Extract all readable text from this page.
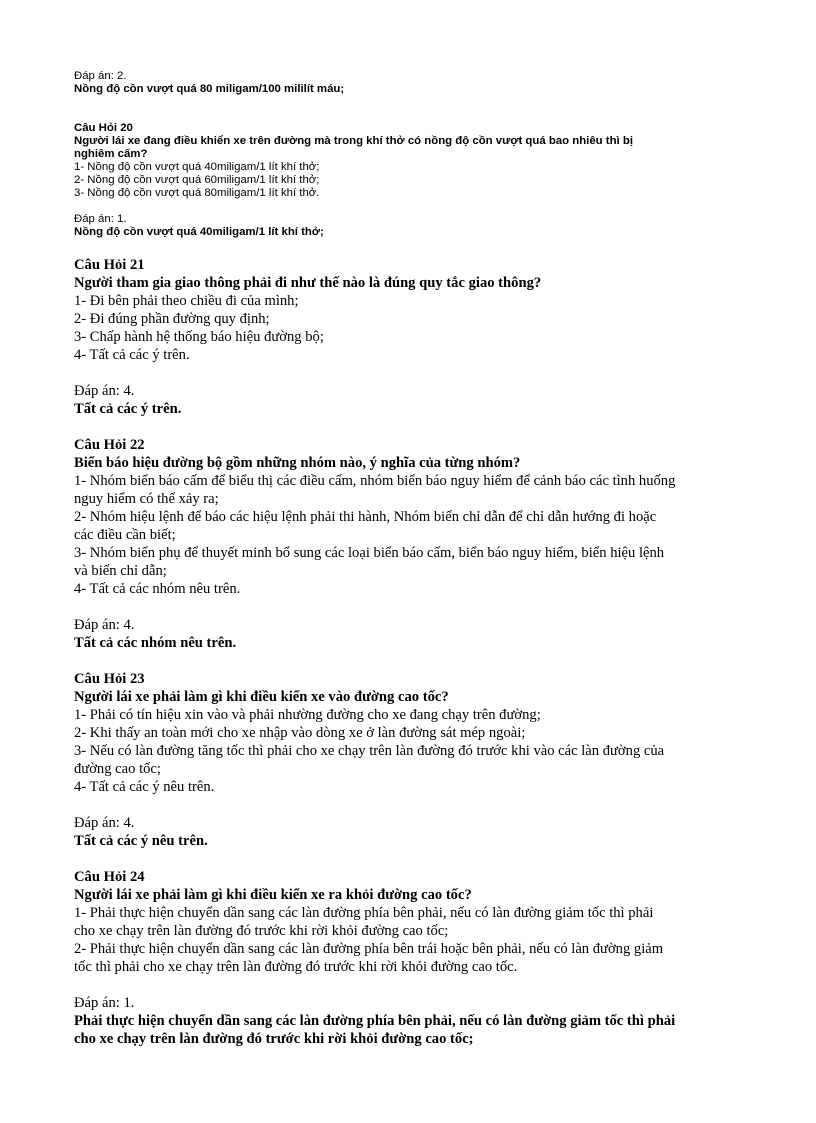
Đáp án: 2.
Nồng độ cồn vượt quá 80 miligam/100 mililít máu;
Câu Hỏi 20
Người lái xe đang điều khiển xe trên đường mà trong khí thở có nồng độ cồn vượt quá bao nhiêu thì bị
nghiêm cấm?
1- Nồng độ cồn vượt quá 40miligam/1 lít khí thở;
2- Nồng độ cồn vượt quá 60miligam/1 lít khí thở;
3- Nồng độ cồn vượt quá 80miligam/1 lít khí thở.
Đáp án: 1.
Nồng độ cồn vượt quá 40miligam/1 lít khí thở;
Câu Hỏi 21
Người tham gia giao thông phải đi như thế nào là đúng quy tắc giao thông?
1- Đi bên phải theo chiều đi của mình;
2- Đi đúng phần đường quy định;
3- Chấp hành hệ thống báo hiệu đường bộ;
4- Tất cả các ý trên.
Đáp án: 4.
Tất cả các ý trên.
Câu Hỏi 22
Biển báo hiệu đường bộ gồm những nhóm nào, ý nghĩa của từng nhóm?
1- Nhóm biển báo cấm để biểu thị các điều cấm, nhóm biển báo nguy hiểm để cảnh báo các tình huống
nguy hiểm có thể xảy ra;
2- Nhóm hiệu lệnh để báo các hiệu lệnh phải thi hành, Nhóm biển chỉ dẫn để chỉ dẫn hướng đi hoặc
các điều cần biết;
3- Nhóm biển phụ để thuyết minh bổ sung các loại biển báo cấm, biển báo nguy hiểm, biển hiệu lệnh
và biển chỉ dẫn;
4- Tất cả các nhóm nêu trên.
Đáp án: 4.
Tất cả các nhóm nêu trên.
Câu Hỏi 23
Người lái xe phải làm gì khi điều kiển xe vào đường cao tốc?
1- Phải có tín hiệu xin vào và phải nhường đường cho xe đang chạy trên đường;
2- Khi thấy an toàn mới cho xe nhập vào dòng xe ở làn đường sát mép ngoài;
3- Nếu có làn đường tăng tốc thì phải cho xe chạy trên làn đường đó trước khi vào các làn đường của
đường cao tốc;
4- Tất cả các ý nêu trên.
Đáp án: 4.
Tất cả các ý nêu trên.
Câu Hỏi 24
Người lái xe phải làm gì khi điều kiển xe ra khỏi đường cao tốc?
1- Phải thực hiện chuyển dần sang các làn đường phía bên phải, nếu có làn đường giảm tốc thì phải
cho xe chạy trên làn đường đó trước khi rời khỏi đường cao tốc;
2- Phải thực hiện chuyển dần sang các làn đường phía bên trái hoặc bên phải, nếu có làn đường giảm
tốc thì phải cho xe chạy trên làn đường đó trước khi rời khỏi đường cao tốc.
Đáp án: 1.
Phải thực hiện chuyển dần sang các làn đường phía bên phải, nếu có làn đường giảm tốc thì phải
cho xe chạy trên làn đường đó trước khi rời khỏi đường cao tốc;
